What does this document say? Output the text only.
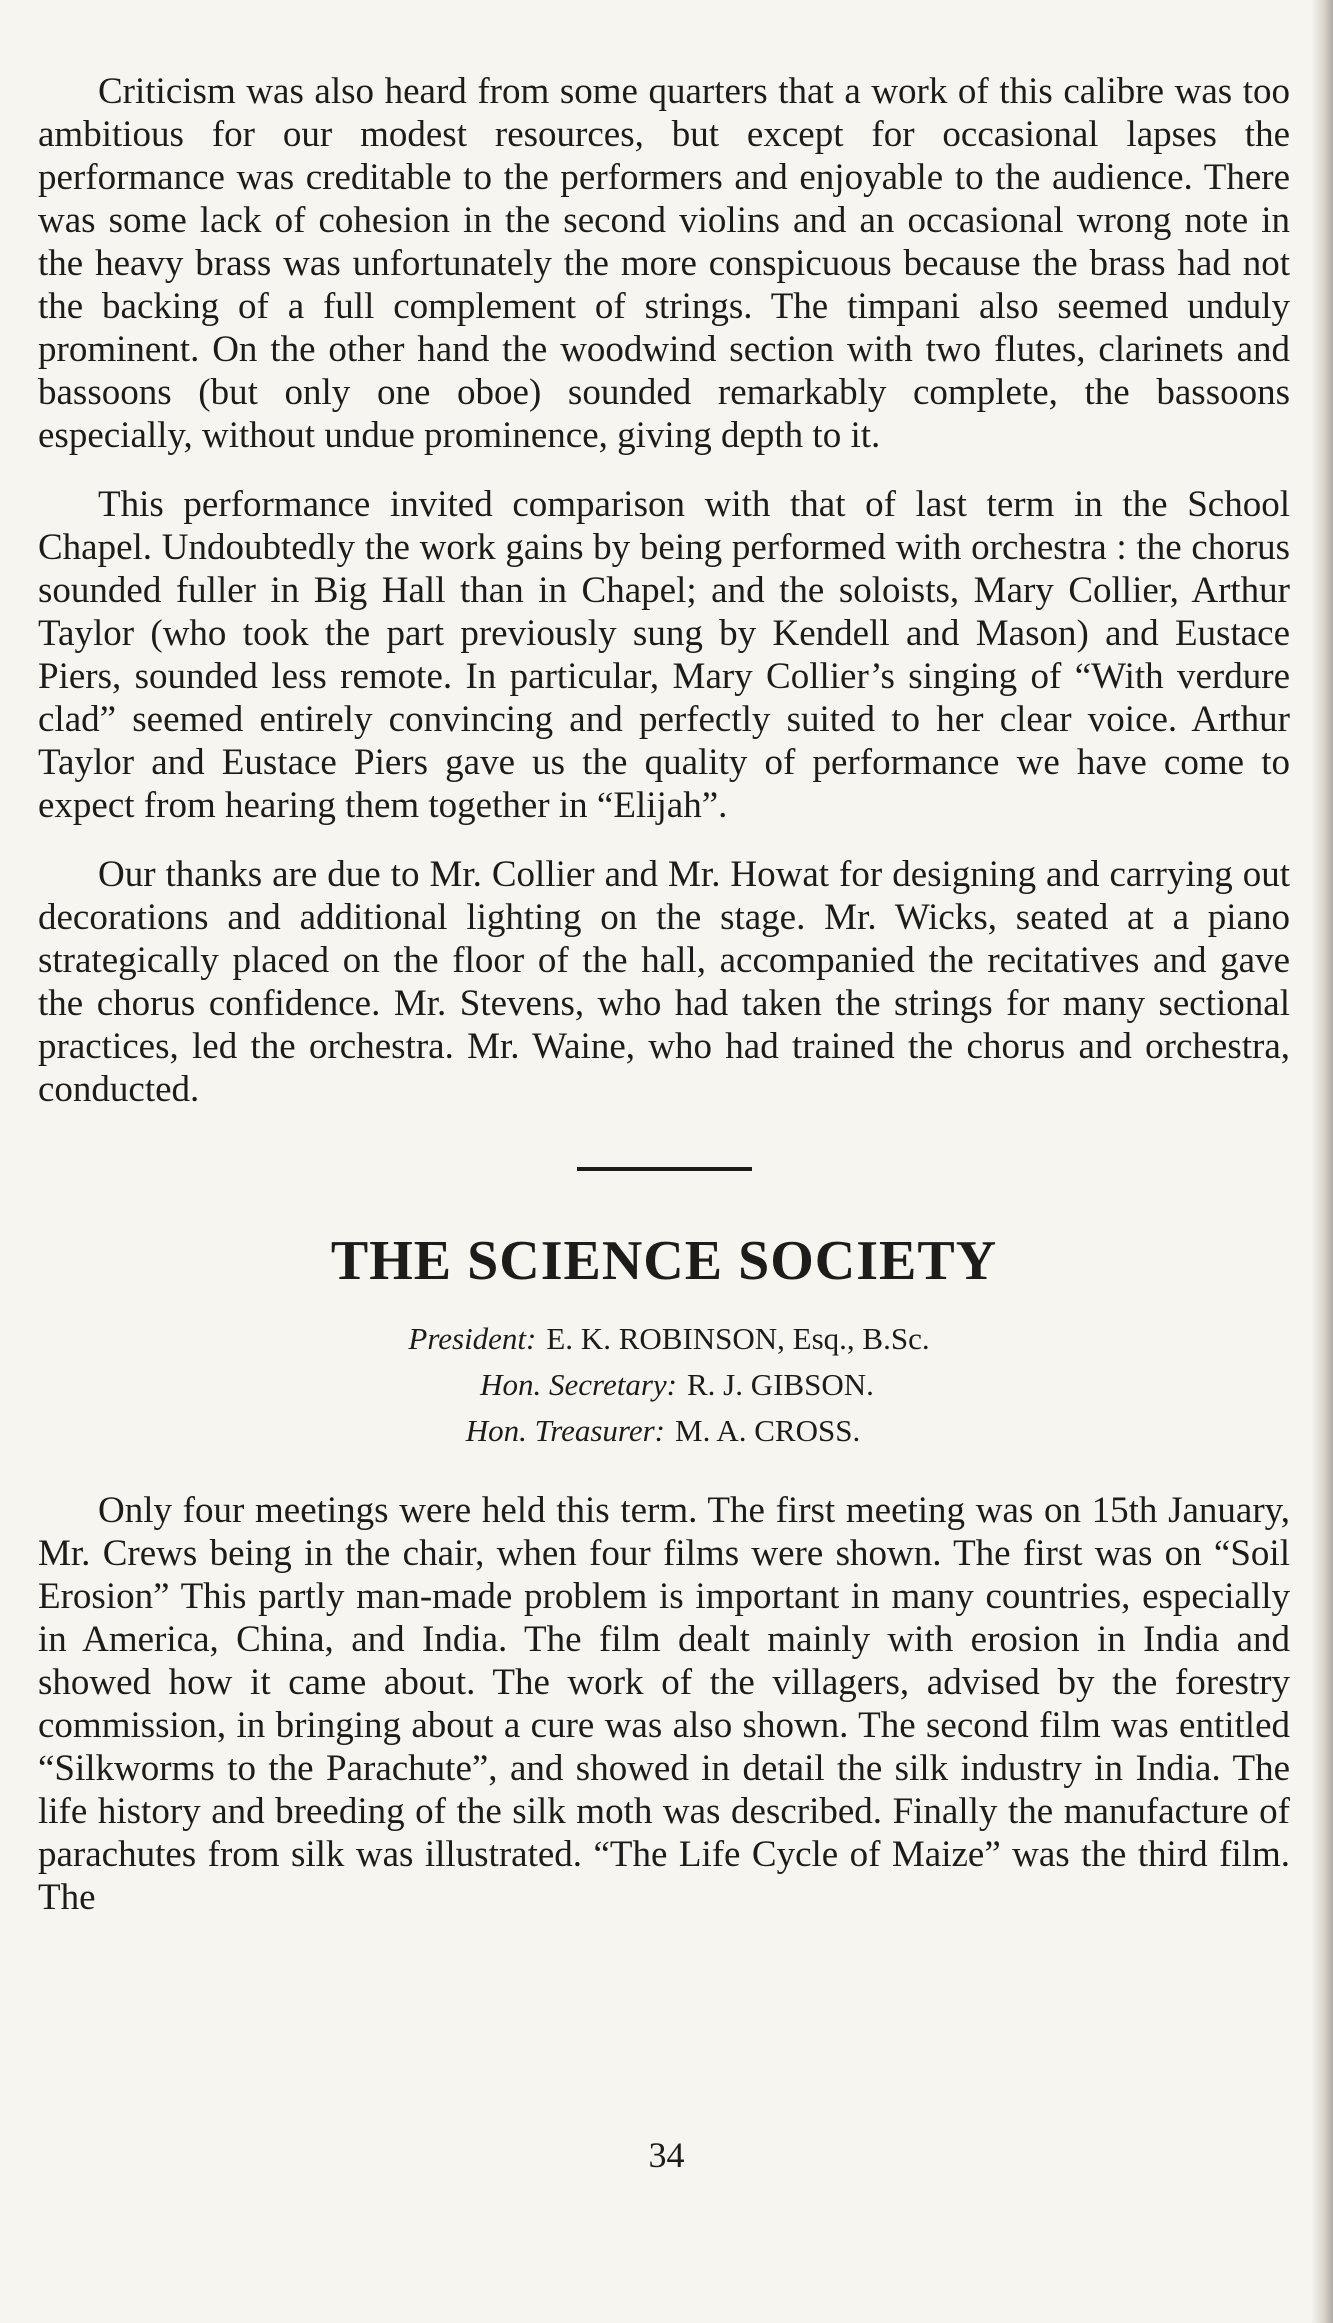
Criticism was also heard from some quarters that a work of this calibre was too ambitious for our modest resources, but except for occasional lapses the performance was creditable to the performers and enjoyable to the audience. There was some lack of cohesion in the second violins and an occasional wrong note in the heavy brass was unfortunately the more conspicuous because the brass had not the backing of a full complement of strings. The timpani also seemed unduly prominent. On the other hand the woodwind section with two flutes, clarinets and bassoons (but only one oboe) sounded remarkably complete, the bassoons especially, without undue prominence, giving depth to it.

This performance invited comparison with that of last term in the School Chapel. Undoubtedly the work gains by being performed with orchestra : the chorus sounded fuller in Big Hall than in Chapel; and the soloists, Mary Collier, Arthur Taylor (who took the part previously sung by Kendell and Mason) and Eustace Piers, sounded less remote. In particular, Mary Collier’s singing of “With verdure clad” seemed entirely convincing and perfectly suited to her clear voice. Arthur Taylor and Eustace Piers gave us the quality of performance we have come to expect from hearing them together in “Elijah”.

Our thanks are due to Mr. Collier and Mr. Howat for designing and carrying out decorations and additional lighting on the stage. Mr. Wicks, seated at a piano strategically placed on the floor of the hall, accompanied the recitatives and gave the chorus confidence. Mr. Stevens, who had taken the strings for many sectional practices, led the orchestra. Mr. Waine, who had trained the chorus and orchestra, conducted.

THE SCIENCE SOCIETY
President: E. K. ROBINSON, Esq., B.Sc.
Hon. Secretary: R. J. GIBSON.
Hon. Treasurer: M. A. CROSS.

Only four meetings were held this term. The first meeting was on 15th January, Mr. Crews being in the chair, when four films were shown. The first was on “Soil Erosion” This partly man-made problem is important in many countries, especially in America, China, and India. The film dealt mainly with erosion in India and showed how it came about. The work of the villagers, advised by the forestry commission, in bringing about a cure was also shown. The second film was entitled “Silkworms to the Parachute”, and showed in detail the silk industry in India. The life history and breeding of the silk moth was described. Finally the manufacture of parachutes from silk was illustrated. “The Life Cycle of Maize” was the third film. The

34
